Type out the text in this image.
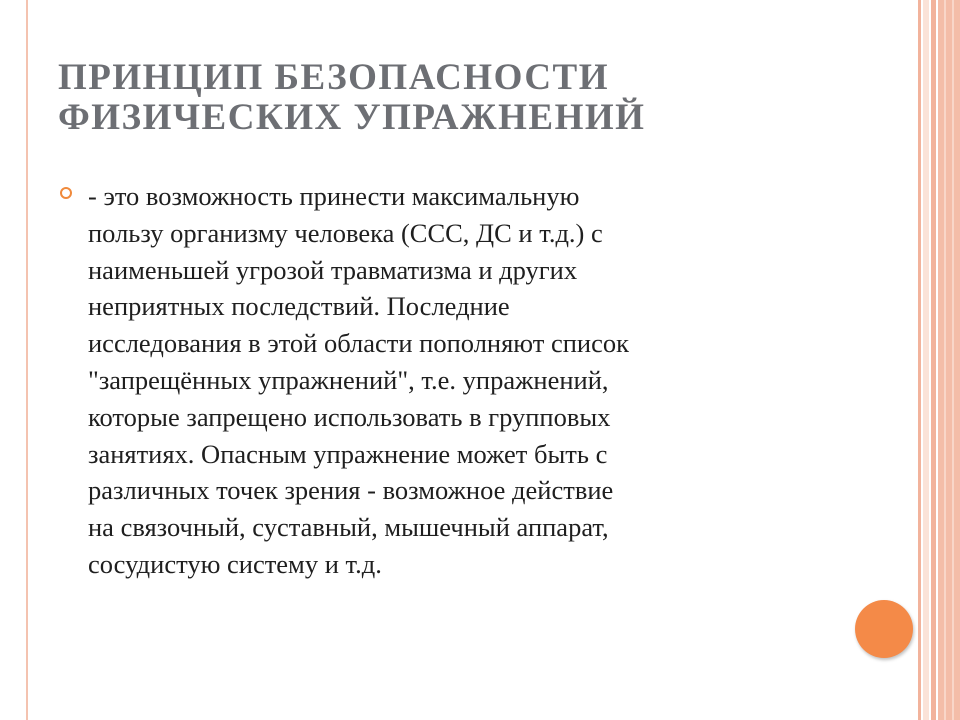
ПРИНЦИП БЕЗОПАСНОСТИ
ФИЗИЧЕСКИХ УПРАЖНЕНИЙ
- это возможность принести максимальную
пользу организму человека (ССС, ДС и т.д.) с
наименьшей угрозой травматизма и других
неприятных последствий. Последние
исследования в этой области пополняют список
"запрещённых упражнений", т.е. упражнений,
которые запрещено использовать в групповых
занятиях. Опасным упражнение может быть с
различных точек зрения - возможное действие
на связочный, суставный, мышечный аппарат,
сосудистую систему и т.д.
